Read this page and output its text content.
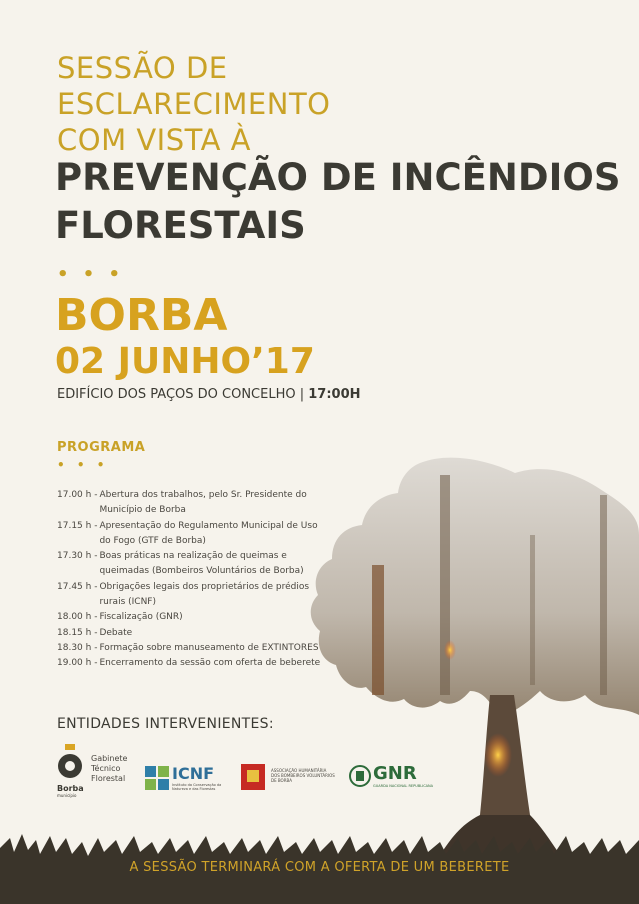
SESSÃO DE
ESCLARECIMENTO
COM VISTA À
PREVENÇÃO DE INCÊNDIOS
FLORESTAIS
• • •
BORBA
02 JUNHO’17
EDIFÍCIO DOS PAÇOS DO CONCELHO | 17:00H
PROGRAMA
• • •
17.00 h - Abertura dos trabalhos, pelo Sr. Presidente do Município de Borba
17.15 h - Apresentação do Regulamento Municipal de Uso do Fogo (GTF de Borba)
17.30 h - Boas práticas na realização de queimas e queimadas (Bombeiros Voluntários de Borba)
17.45 h - Obrigações legais dos proprietários de prédios rurais (ICNF)
18.00 h - Fiscalização (GNR)
18.15 h - Debate
18.30 h - Formação sobre manuseamento de EXTINTORES
19.00 h - Encerramento da sessão com oferta de beberete
ENTIDADES INTERVENIENTES:
Borba
município
Gabinete
Técnico
Florestal	ICNF
Instituto da Conservação da Natureza e das Florestas
ASSOCIAÇÃO HUMANITÁRIA
DOS BOMBEIROS VOLUNTÁRIOS
DE BORBA	GNR
GUARDA NACIONAL REPUBLICANA
A SESSÃO TERMINARÁ COM A OFERTA DE UM BEBERETE
